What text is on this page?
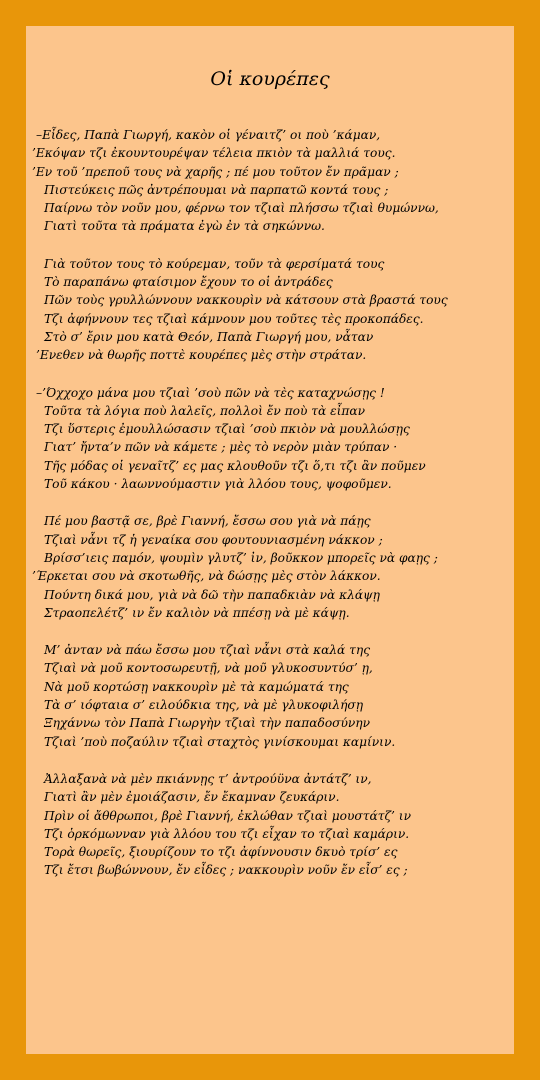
Οἱ κουρέπες
–Εἶδες, Παπὰ Γιωργή, κακὸν οἱ γέναιτζ’ οι ποὺ ’κάμαν,
’Εκόψαν τζι ἐκουντουρέψαν τέλεια πκιὸν τὰ μαλλιά τους.
’Εν τοῦ ’πρεποῦ τους νὰ χαρῆς ; πέ μου τοῦτον ἔν πρᾶμαν ;
Πιστεύκεις πῶς ἀντρέπουμαι νὰ παρπατῶ κοντά τους ;
Παίρνω τὸν νοῦν μου, φέρνω τον τζιαὶ πλήσσω τζιαὶ θυμώννω,
Γιατὶ τοῦτα τὰ πράματα ἐγὼ ἐν τὰ σηκώννω.
Γιὰ τοῦτον τους τὸ κούρεμαν, τοῦν τὰ φερσίματά τους
Τὸ παραπάνω φταίσιμον ἔχουν το οἱ ἀντράδες
Πῶν τοὺς γρυλλώννουν νακκουρὶν νὰ κάτσουν στὰ βραστά τους
Τζι ἀφήννουν τες τζιαὶ κάμνουν μου τοῦτες τὲς προκοπάδες.
Στὸ σ’ ἔριν μου κατὰ Θεόν, Παπὰ Γιωργή μου, νἆταν
’Ενεθεν νὰ θωρῆς ποττὲ κουρέπες μὲς στὴν στράταν.
–’Όχχοχο μάνα μου τζιαὶ ’σοὺ πῶν νὰ τὲς καταχνώσῃς !
Τοῦτα τὰ λόγια ποὺ λαλεῖς, πολλοὶ ἔν ποὺ τὰ εἶπαν
Τζι ὕστερις ἐμουλλώσασιν τζιαὶ ’σοὺ πκιὸν νὰ μουλλώσῃς
Γιατ’ ἤντα’ν πῶν νὰ κάμετε ; μὲς τὸ νερὸν μιὰν τρύπαν ·
Τῆς μόδας οἱ γεναῖτζ’ ες μας κλουθοῦν τζι ὅ,τι τζι ἂν ποῦμεν
Τοῦ κάκου · λαωννούμαστιν γιὰ λλόου τους, ψοφοῦμεν.
Πέ μου βαστᾷ σε, βρὲ Γιαννή, ἔσσω σου γιὰ νὰ πάῃς
Τζιαὶ νἆνι τζ ἡ γεναίκα σου φουτουνιασμένη νάκκον ;
Βρίσσ’ιεις παμόν, ψουμὶν γλυτζ’ ἰν, βοῦκκον μπορεῖς νὰ φαῃς ;
’Έρκεται σου νὰ σκοτωθῆς, νὰ δώσῃς μὲς στὸν λάκκον.
Πούντη δικά μου, γιὰ νὰ δῶ τὴν παπαδκιὰν νὰ κλάψῃ
Στραοπελέτζ’ ιν ἔν καλιὸν νὰ ππέσῃ νὰ μὲ κάψῃ.
Μ’ ἀνταν νὰ πάω ἔσσω μου τζιαὶ νἆνι στὰ καλά της
Τζιαὶ νὰ μοῦ κοντοσωρευτῇ, νὰ μοῦ γλυκοσυντύσ’ ῃ,
Νὰ μοῦ κορτώσῃ νακκουρὶν μὲ τὰ καμώματά της
Τὰ σ’ ιόφταια σ’ ειλούδκια της, νὰ μὲ γλυκοφιλήσῃ
Ξηχάννω τὸν Παπὰ Γιωργὴν τζιαὶ τὴν παπαδοσύνην
Τζιαὶ ’ποὺ ποζαύλιν τζιαὶ σταχτὸς γινίσκουμαι καμίνιν.
Ἀλλαξανὰ νὰ μὲν πκιάννῃς τ’ ἀντρούϋνα ἀντάτζ’ ιν,
Γιατὶ ἂν μὲν ἐμοιάζασιν, ἔν ἔκαμναν ζευκάριν.
Πρὶν οἱ ἄθθρωποι, βρὲ Γιαννή, ἐκλώθαν τζιαὶ μουστάτζ’ ιν
Τζι ὁρκόμωνναν γιὰ λλόου του τζι εἶχαν το τζιαὶ καμάριν.
Τορὰ θωρεῖς, ξιουρίζουν το τζι ἀφίννουσιν δκυὸ τρίσ’ ες
Τζι ἔτσι βωβώννουν, ἔν εἶδες ; νακκουρὶν νοῦν ἔν εἶσ’ ες ;
